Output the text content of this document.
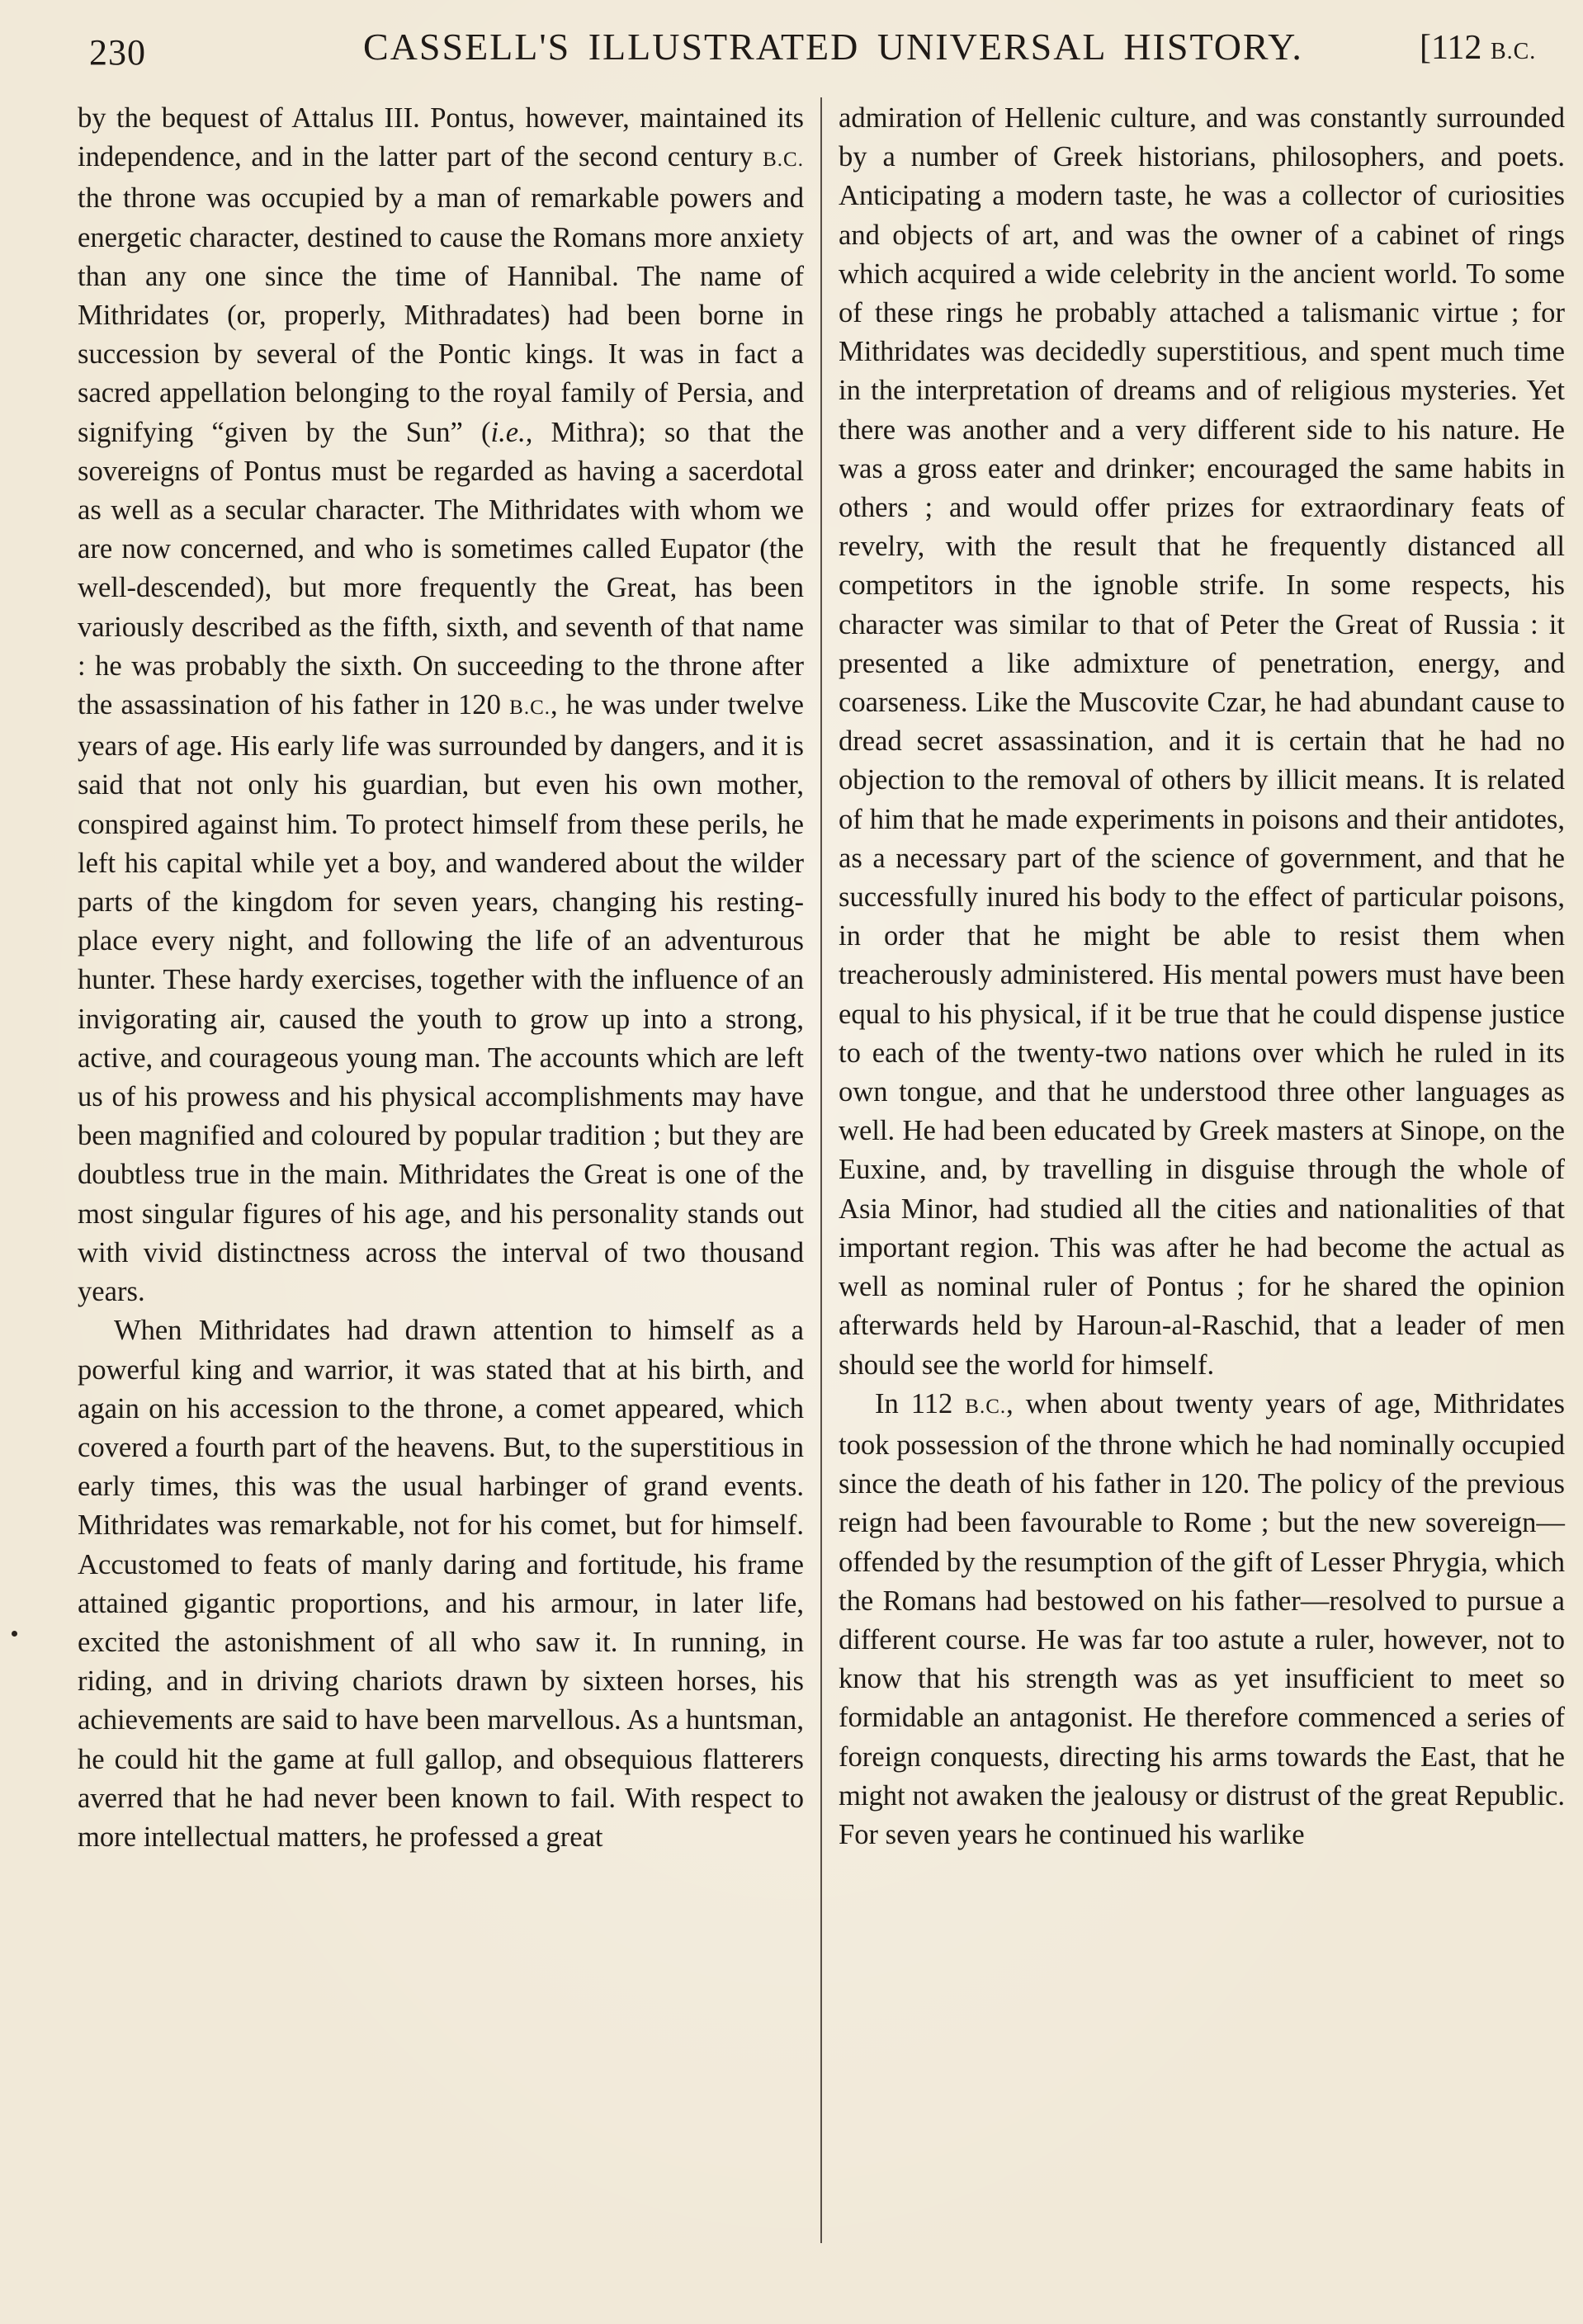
230	CASSELL'S ILLUSTRATED UNIVERSAL HISTORY.	[112 B.C.

by the bequest of Attalus III. Pontus, however, maintained its independence, and in the latter part of the second century B.C. the throne was occupied by a man of remarkable powers and energetic character, destined to cause the Romans more anxiety than any one since the time of Hannibal. The name of Mithridates (or, properly, Mithradates) had been borne in succession by several of the Pontic kings. It was in fact a sacred appellation belonging to the royal family of Persia, and signifying “given by the Sun” (i.e., Mithra); so that the sovereigns of Pontus must be regarded as having a sacerdotal as well as a secular character. The Mithridates with whom we are now concerned, and who is sometimes called Eupator (the well-descended), but more frequently the Great, has been variously described as the fifth, sixth, and seventh of that name : he was probably the sixth. On succeeding to the throne after the assassination of his father in 120 B.C., he was under twelve years of age. His early life was surrounded by dangers, and it is said that not only his guardian, but even his own mother, conspired against him. To protect himself from these perils, he left his capital while yet a boy, and wandered about the wilder parts of the kingdom for seven years, changing his resting-place every night, and following the life of an adventurous hunter. These hardy exercises, together with the influence of an invigorating air, caused the youth to grow up into a strong, active, and courageous young man. The accounts which are left us of his prowess and his physical accomplishments may have been magnified and coloured by popular tradition ; but they are doubtless true in the main. Mithridates the Great is one of the most singular figures of his age, and his personality stands out with vivid distinctness across the interval of two thousand years.

When Mithridates had drawn attention to himself as a powerful king and warrior, it was stated that at his birth, and again on his accession to the throne, a comet appeared, which covered a fourth part of the heavens. But, to the superstitious in early times, this was the usual harbinger of grand events. Mithridates was remarkable, not for his comet, but for himself. Accustomed to feats of manly daring and fortitude, his frame attained gigantic proportions, and his armour, in later life, excited the astonishment of all who saw it. In running, in riding, and in driving chariots drawn by sixteen horses, his achievements are said to have been marvellous. As a huntsman, he could hit the game at full gallop, and obsequious flatterers averred that he had never been known to fail. With respect to more intellectual matters, he professed a great

admiration of Hellenic culture, and was constantly surrounded by a number of Greek historians, philosophers, and poets. Anticipating a modern taste, he was a collector of curiosities and objects of art, and was the owner of a cabinet of rings which acquired a wide celebrity in the ancient world. To some of these rings he probably attached a talismanic virtue ; for Mithridates was decidedly superstitious, and spent much time in the interpretation of dreams and of religious mysteries. Yet there was another and a very different side to his nature. He was a gross eater and drinker; encouraged the same habits in others ; and would offer prizes for extraordinary feats of revelry, with the result that he frequently distanced all competitors in the ignoble strife. In some respects, his character was similar to that of Peter the Great of Russia : it presented a like admixture of penetration, energy, and coarseness. Like the Muscovite Czar, he had abundant cause to dread secret assassination, and it is certain that he had no objection to the removal of others by illicit means. It is related of him that he made experiments in poisons and their antidotes, as a necessary part of the science of government, and that he successfully inured his body to the effect of particular poisons, in order that he might be able to resist them when treacherously administered. His mental powers must have been equal to his physical, if it be true that he could dispense justice to each of the twenty-two nations over which he ruled in its own tongue, and that he understood three other languages as well. He had been educated by Greek masters at Sinope, on the Euxine, and, by travelling in disguise through the whole of Asia Minor, had studied all the cities and nationalities of that important region. This was after he had become the actual as well as nominal ruler of Pontus ; for he shared the opinion afterwards held by Haroun-al-Raschid, that a leader of men should see the world for himself.

In 112 B.C., when about twenty years of age, Mithridates took possession of the throne which he had nominally occupied since the death of his father in 120. The policy of the previous reign had been favourable to Rome ; but the new sovereign—offended by the resumption of the gift of Lesser Phrygia, which the Romans had bestowed on his father—resolved to pursue a different course. He was far too astute a ruler, however, not to know that his strength was as yet insufficient to meet so formidable an antagonist. He therefore commenced a series of foreign conquests, directing his arms towards the East, that he might not awaken the jealousy or distrust of the great Republic. For seven years he continued his warlike
